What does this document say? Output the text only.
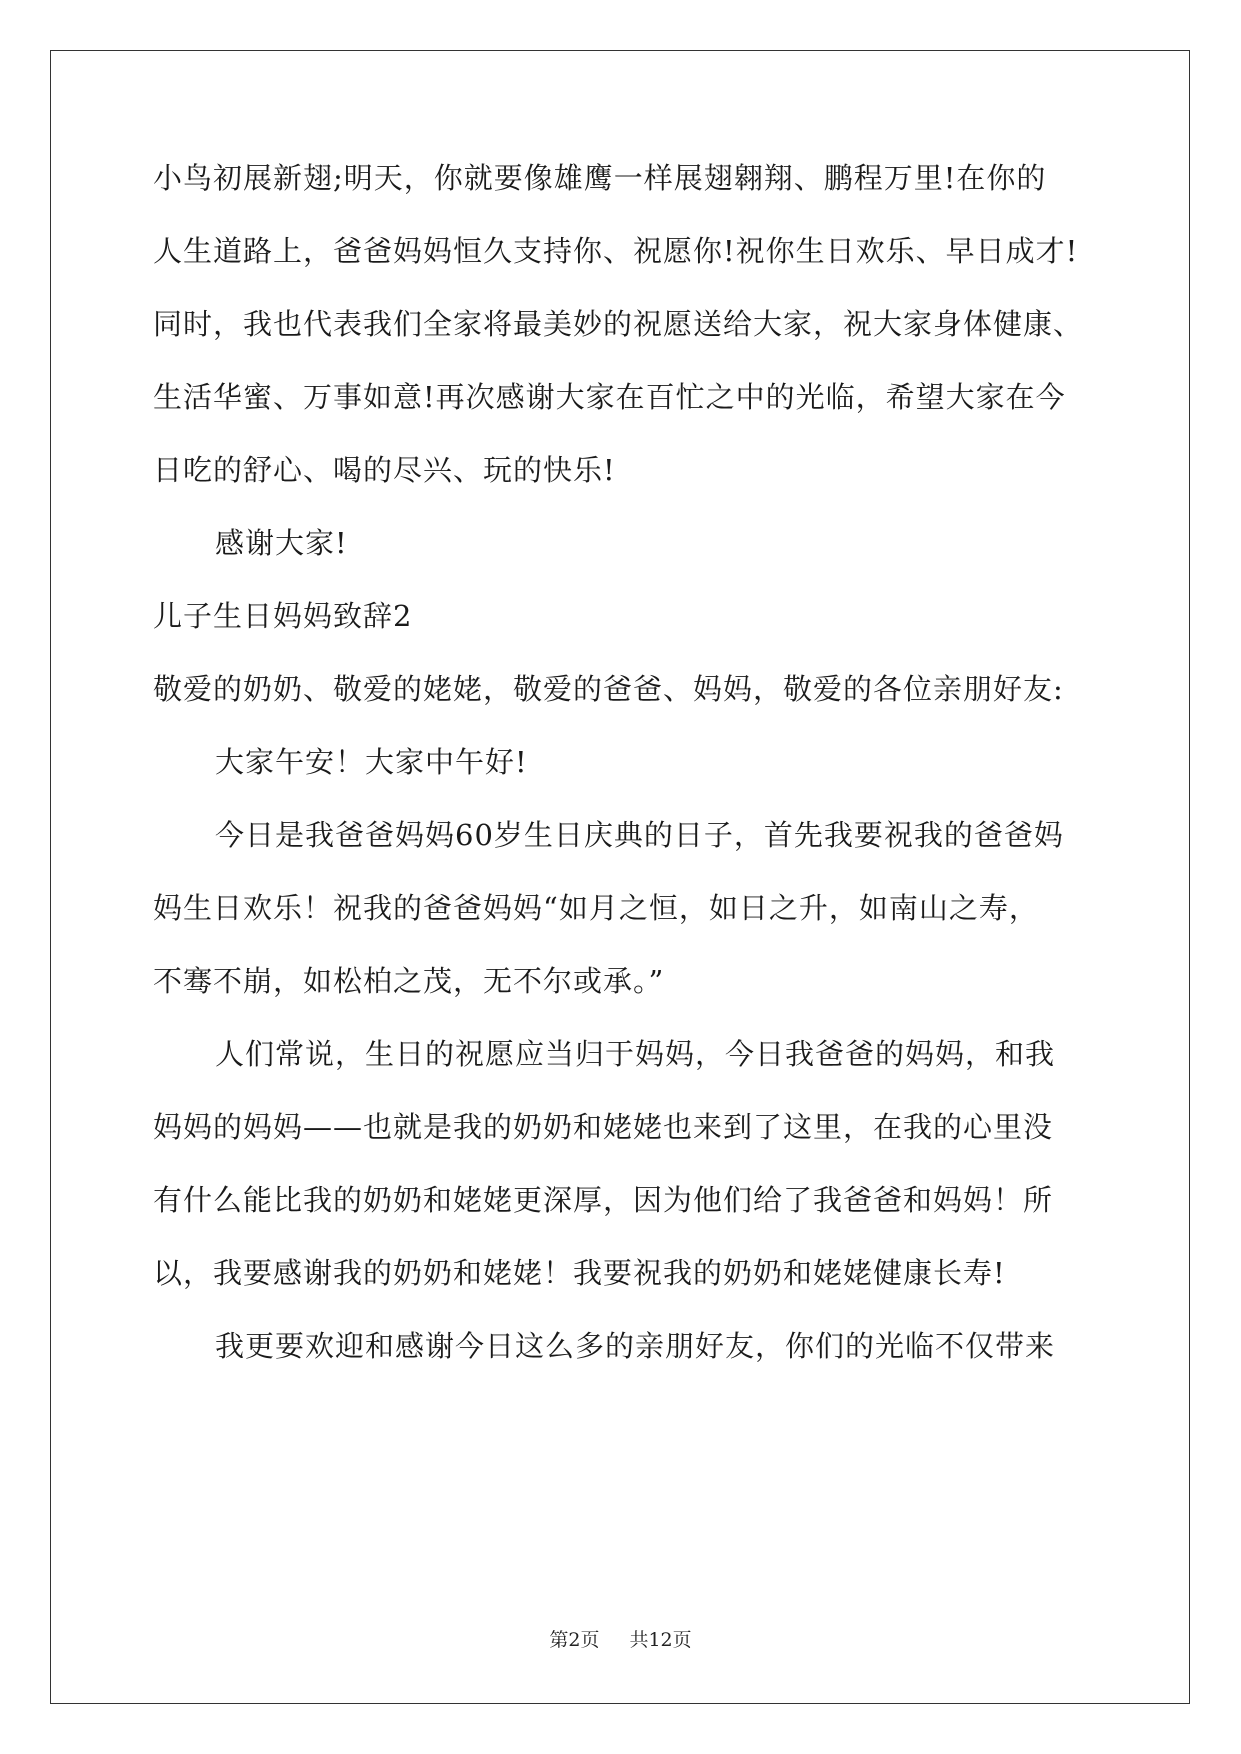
小鸟初展新翅;明天，你就要像雄鹰一样展翅翱翔、鹏程万里!在你的
人生道路上，爸爸妈妈恒久支持你、祝愿你!祝你生日欢乐、早日成才!
同时，我也代表我们全家将最美妙的祝愿送给大家，祝大家身体健康、
生活华蜜、万事如意!再次感谢大家在百忙之中的光临，希望大家在今
日吃的舒心、喝的尽兴、玩的快乐!
感谢大家!
儿子生日妈妈致辞2
敬爱的奶奶、敬爱的姥姥，敬爱的爸爸、妈妈，敬爱的各位亲朋好友:
大家午安！大家中午好!
今日是我爸爸妈妈60岁生日庆典的日子，首先我要祝我的爸爸妈
妈生日欢乐！祝我的爸爸妈妈“如月之恒，如日之升，如南山之寿，
不骞不崩，如松柏之茂，无不尔或承。”
人们常说，生日的祝愿应当归于妈妈，今日我爸爸的妈妈，和我
妈妈的妈妈——也就是我的奶奶和姥姥也来到了这里，在我的心里没
有什么能比我的奶奶和姥姥更深厚，因为他们给了我爸爸和妈妈！所
以，我要感谢我的奶奶和姥姥！我要祝我的奶奶和姥姥健康长寿!
我更要欢迎和感谢今日这么多的亲朋好友，你们的光临不仅带来
第2页 共12页
